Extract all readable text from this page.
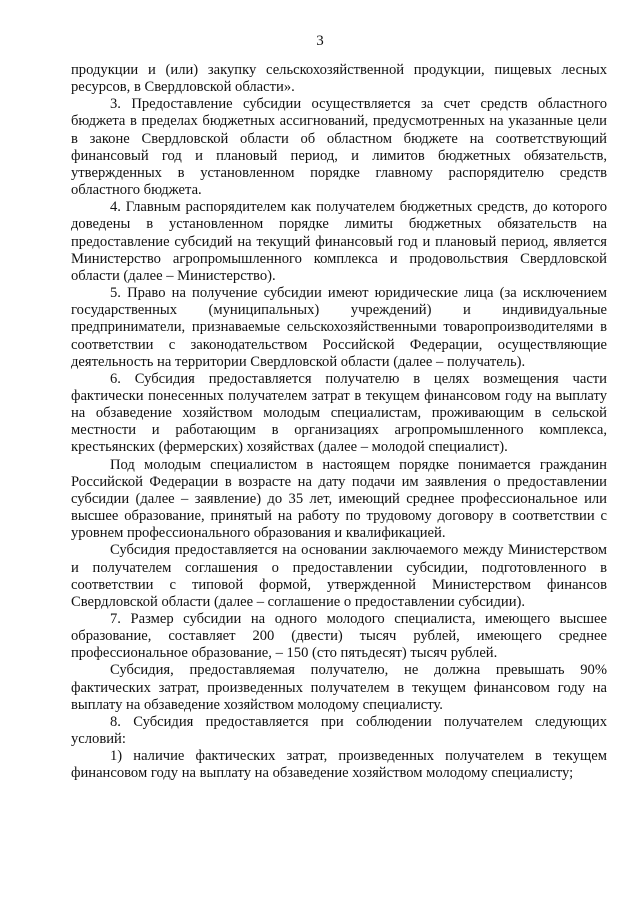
3

продукции и (или) закупку сельскохозяйственной продукции, пищевых лесных ресурсов, в Свердловской области».

3. Предоставление субсидии осуществляется за счет средств областного бюджета в пределах бюджетных ассигнований, предусмотренных на указанные цели в законе Свердловской области об областном бюджете на соответствующий финансовый год и плановый период, и лимитов бюджетных обязательств, утвержденных в установленном порядке главному распорядителю средств областного бюджета.

4. Главным распорядителем как получателем бюджетных средств, до которого доведены в установленном порядке лимиты бюджетных обязательств на предоставление субсидий на текущий финансовый год и плановый период, является Министерство агропромышленного комплекса и продовольствия Свердловской области (далее – Министерство).

5. Право на получение субсидии имеют юридические лица (за исключением государственных (муниципальных) учреждений) и индивидуальные предприниматели, признаваемые сельскохозяйственными товаропроизводителями в соответствии с законодательством Российской Федерации, осуществляющие деятельность на территории Свердловской области (далее – получатель).

6. Субсидия предоставляется получателю в целях возмещения части фактически понесенных получателем затрат в текущем финансовом году на выплату на обзаведение хозяйством молодым специалистам, проживающим в сельской местности и работающим в организациях агропромышленного комплекса, крестьянских (фермерских) хозяйствах (далее – молодой специалист).

Под молодым специалистом в настоящем порядке понимается гражданин Российской Федерации в возрасте на дату подачи им заявления о предоставлении субсидии (далее – заявление) до 35 лет, имеющий среднее профессиональное или высшее образование, принятый на работу по трудовому договору в соответствии с уровнем профессионального образования и квалификацией.

Субсидия предоставляется на основании заключаемого между Министерством и получателем соглашения о предоставлении субсидии, подготовленного в соответствии с типовой формой, утвержденной Министерством финансов Свердловской области (далее – соглашение о предоставлении субсидии).

7. Размер субсидии на одного молодого специалиста, имеющего высшее образование, составляет 200 (двести) тысяч рублей, имеющего среднее профессиональное образование, – 150 (сто пятьдесят) тысяч рублей.

Субсидия, предоставляемая получателю, не должна превышать 90% фактических затрат, произведенных получателем в текущем финансовом году на выплату на обзаведение хозяйством молодому специалисту.

8. Субсидия предоставляется при соблюдении получателем следующих условий:

1) наличие фактических затрат, произведенных получателем в текущем финансовом году на выплату на обзаведение хозяйством молодому специалисту;
